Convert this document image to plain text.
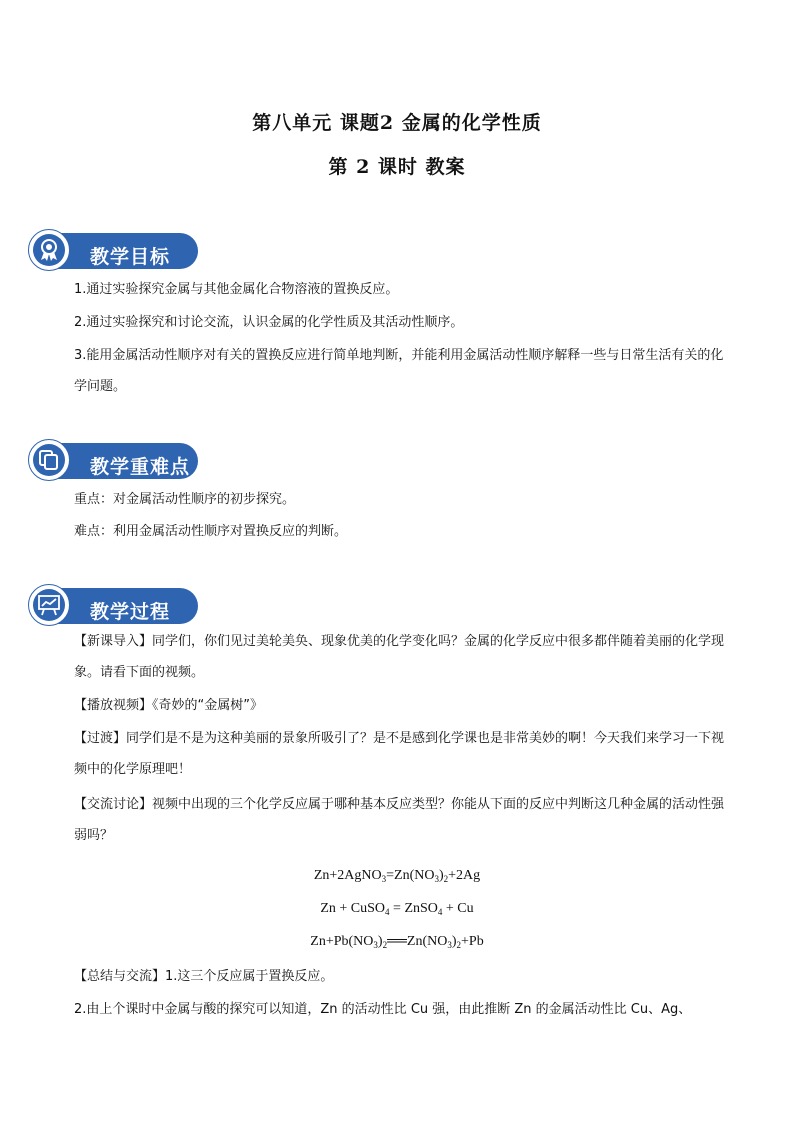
第八单元 课题2 金属的化学性质
第 2 课时 教案
教学目标

1.通过实验探究金属与其他金属化合物溶液的置换反应。

2.通过实验探究和讨论交流，认识金属的化学性质及其活动性顺序。

3.能用金属活动性顺序对有关的置换反应进行简单地判断，并能利用金属活动性顺序解释一些与日常生活有关的化学问题。

教学重难点

重点：对金属活动性顺序的初步探究。

难点：利用金属活动性顺序对置换反应的判断。

教学过程

【新课导入】同学们，你们见过美轮美奂、现象优美的化学变化吗？金属的化学反应中很多都伴随着美丽的化学现象。请看下面的视频。

【播放视频】《奇妙的“金属树”》

【过渡】同学们是不是为这种美丽的景象所吸引了？是不是感到化学课也是非常美妙的啊！今天我们来学习一下视频中的化学原理吧！

【交流讨论】视频中出现的三个化学反应属于哪种基本反应类型？你能从下面的反应中判断这几种金属的活动性强弱吗？

$Zn+2AgNO_3=Zn(NO_3)_2+2Ag$
Zn + CuSO$_4$ = ZnSO$_4$ + Cu
$Zn+Pb(NO_3)_2══Zn(NO_3)_2+Pb$

【总结与交流】1.这三个反应属于置换反应。

2.由上个课时中金属与酸的探究可以知道，Zn 的活动性比 Cu 强，由此推断 Zn 的金属活动性比 Cu、Ag、
